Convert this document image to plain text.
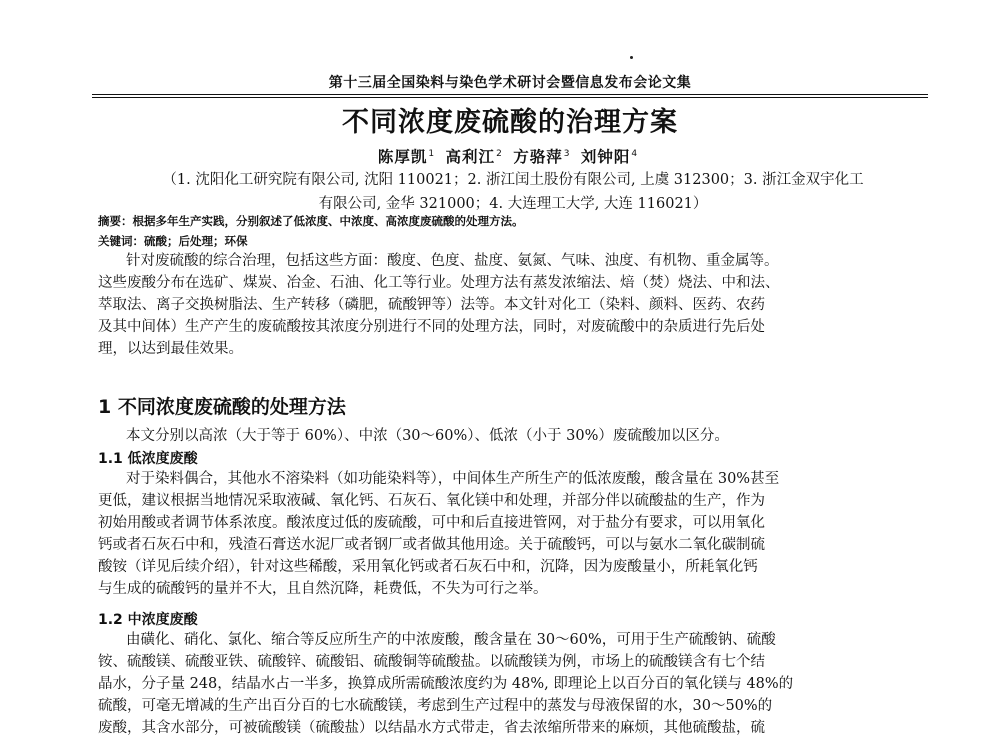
第十三届全国染料与染色学术研讨会暨信息发布会论文集
不同浓度废硫酸的治理方案
陈厚凯$^1$ 高利江$^2$ 方骆萍$^3$ 刘钟阳$^4$
（1. 沈阳化工研究院有限公司, 沈阳 110021；2. 浙江闰土股份有限公司, 上虞 312300；3. 浙江金双宇化工
有限公司, 金华 321000；4. 大连理工大学, 大连 116021）
摘要：根据多年生产实践，分别叙述了低浓度、中浓度、高浓度废硫酸的处理方法。
关键词：硫酸；后处理；环保
针对废硫酸的综合治理，包括这些方面：酸度、色度、盐度、氨氮、气味、浊度、有机物、重金属等。
这些废酸分布在选矿、煤炭、冶金、石油、化工等行业。处理方法有蒸发浓缩法、焙（焚）烧法、中和法、
萃取法、离子交换树脂法、生产转移（磷肥，硫酸钾等）法等。本文针对化工（染料、颜料、医药、农药
及其中间体）生产产生的废硫酸按其浓度分别进行不同的处理方法，同时，对废硫酸中的杂质进行先后处
理，以达到最佳效果。
1 不同浓度废硫酸的处理方法
本文分别以高浓（大于等于 60%）、中浓（30～60%）、低浓（小于 30%）废硫酸加以区分。
1.1 低浓度废酸
对于染料偶合，其他水不溶染料（如功能染料等），中间体生产所生产的低浓废酸，酸含量在 30%甚至
更低，建议根据当地情况采取液碱、氧化钙、石灰石、氧化镁中和处理，并部分伴以硫酸盐的生产，作为
初始用酸或者调节体系浓度。酸浓度过低的废硫酸，可中和后直接进管网，对于盐分有要求，可以用氧化
钙或者石灰石中和，残渣石膏送水泥厂或者钢厂或者做其他用途。关于硫酸钙，可以与氨水二氧化碳制硫
酸铵（详见后续介绍），针对这些稀酸，采用氧化钙或者石灰石中和，沉降，因为废酸量小，所耗氧化钙
与生成的硫酸钙的量并不大，且自然沉降，耗费低，不失为可行之举。
1.2 中浓度废酸
由磺化、硝化、氯化、缩合等反应所生产的中浓废酸，酸含量在 30～60%，可用于生产硫酸钠、硫酸
铵、硫酸镁、硫酸亚铁、硫酸锌、硫酸铝、硫酸铜等硫酸盐。以硫酸镁为例，市场上的硫酸镁含有七个结
晶水，分子量 248，结晶水占一半多，换算成所需硫酸浓度约为 48%, 即理论上以百分百的氧化镁与 48%的
硫酸，可毫无增减的生产出百分百的七水硫酸镁，考虑到生产过程中的蒸发与母液保留的水，30～50%的
废酸，其含水部分，可被硫酸镁（硫酸盐）以结晶水方式带走，省去浓缩所带来的麻烦，其他硫酸盐，硫
